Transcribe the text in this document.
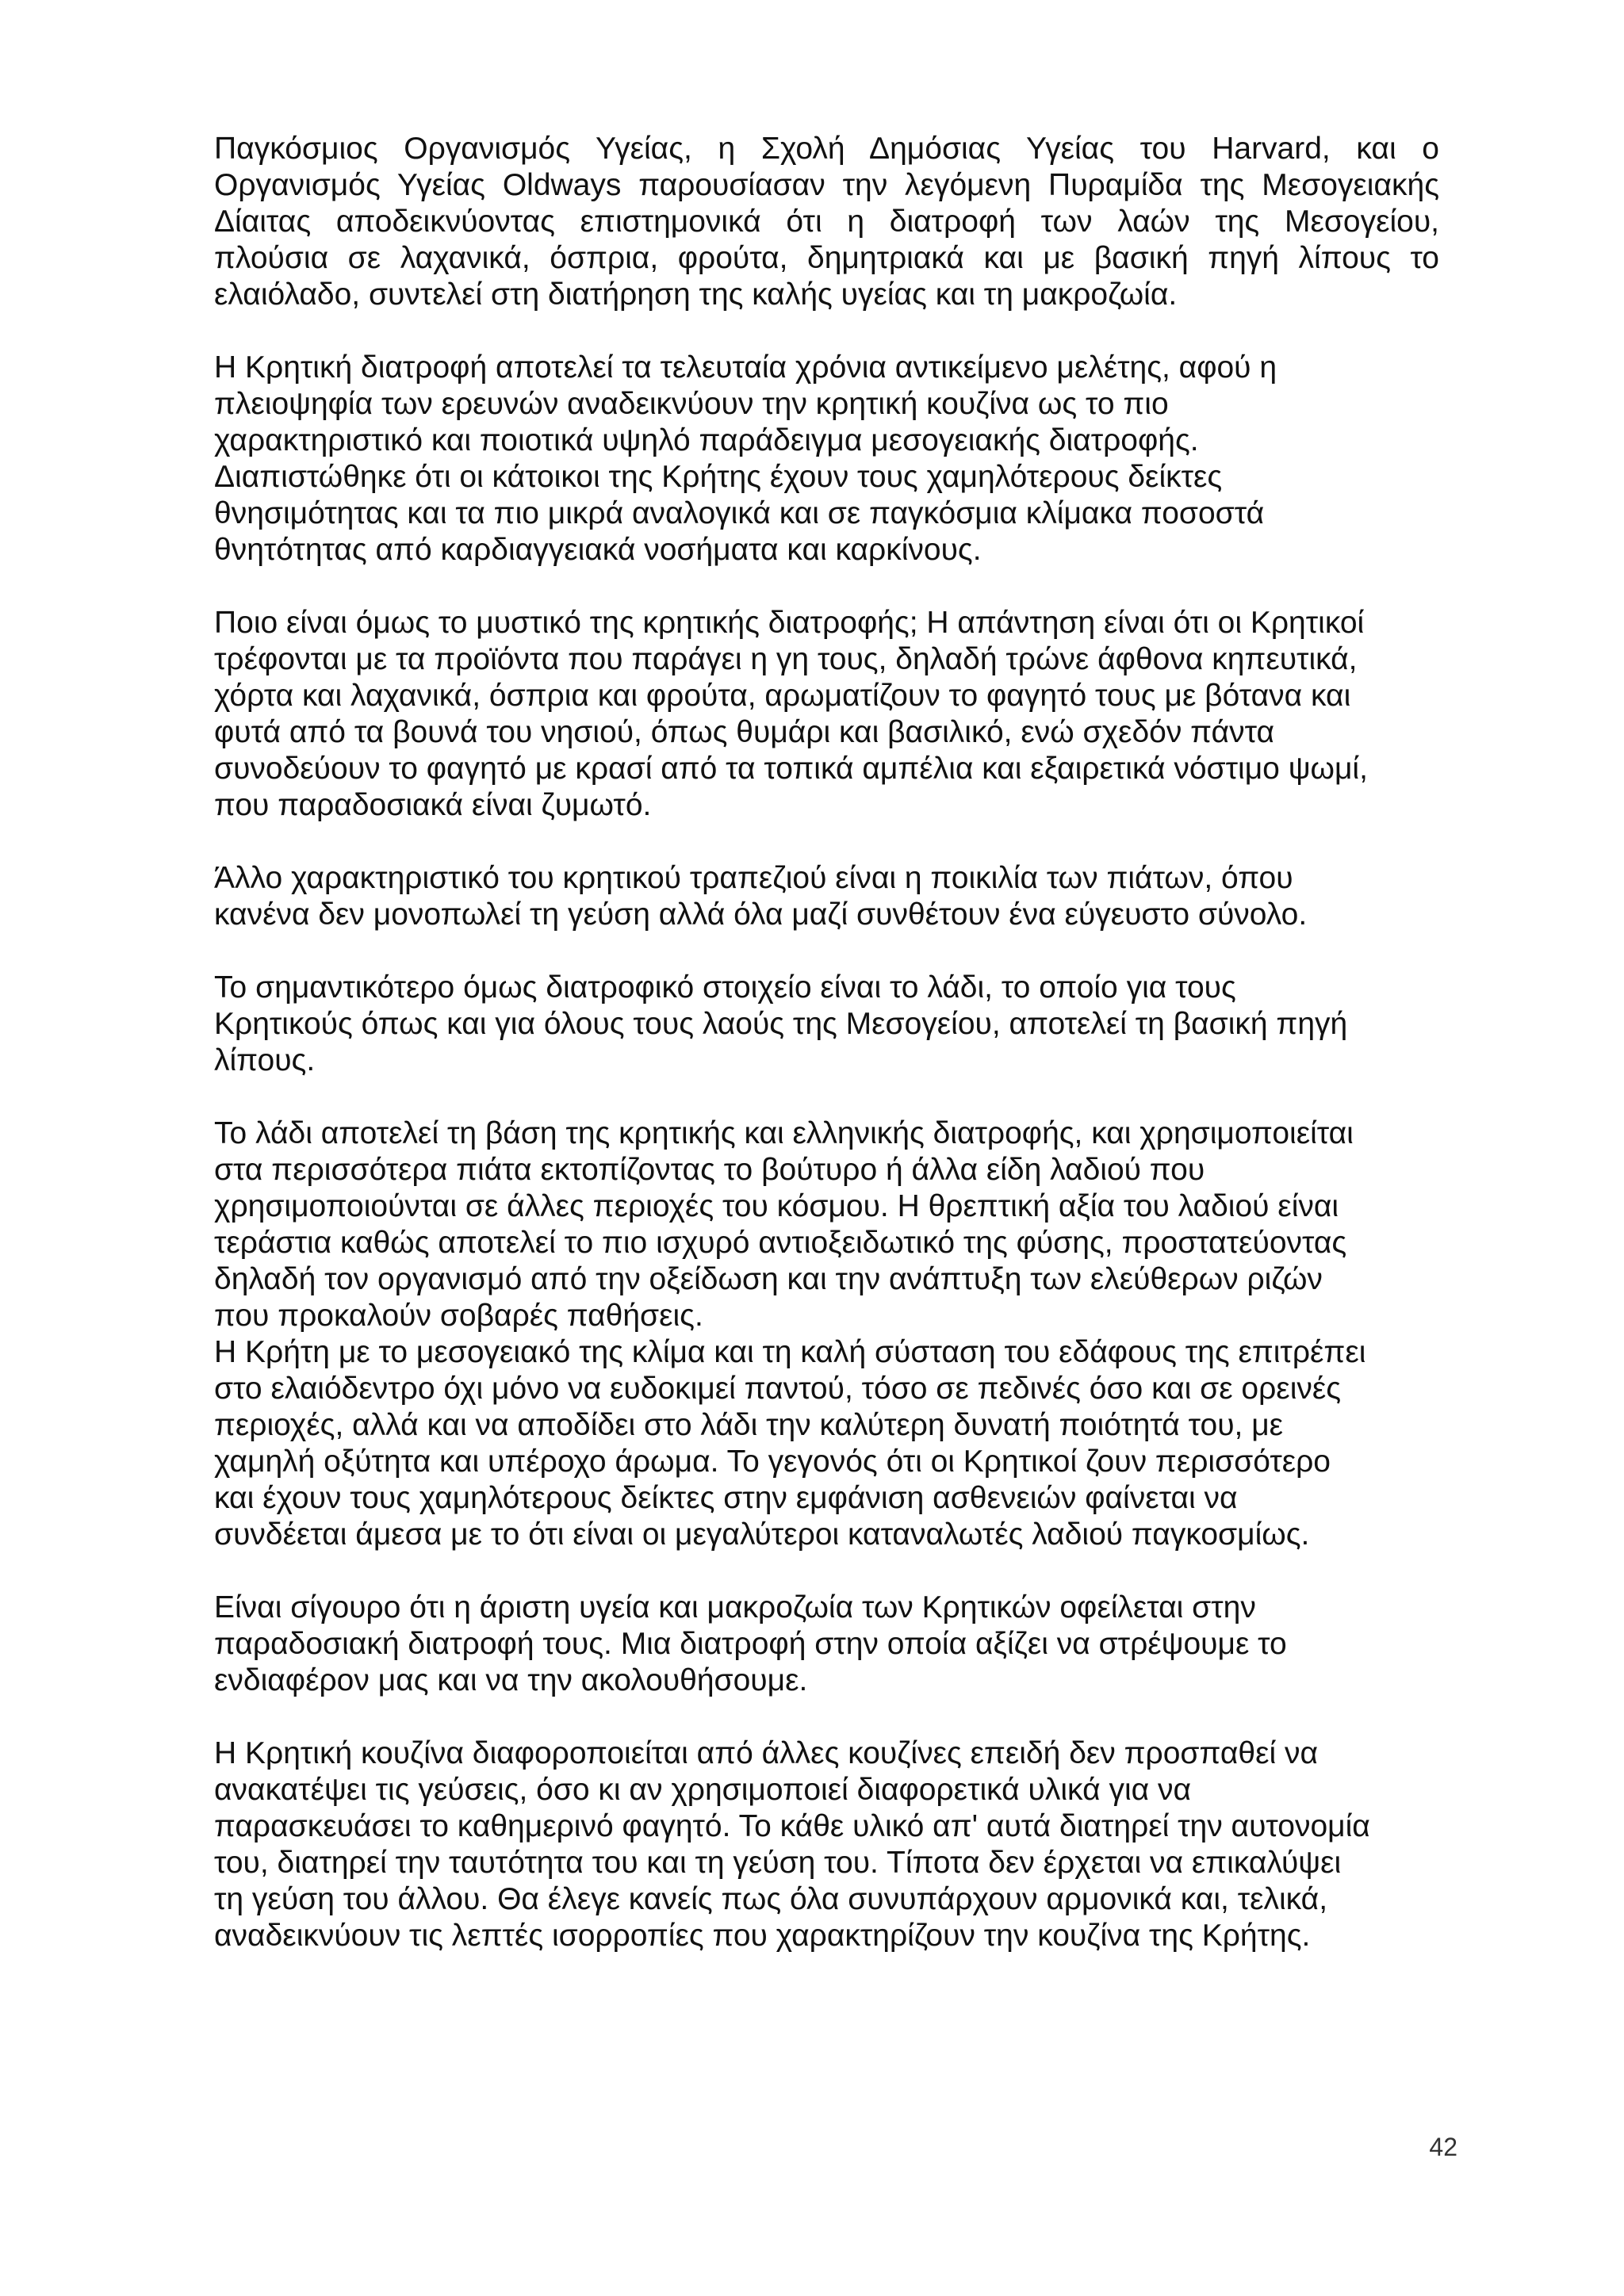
Παγκόσμιος Οργανισμός Υγείας, η Σχολή Δημόσιας Υγείας του Harvard, και ο
Οργανισμός Υγείας Oldways παρουσίασαν την λεγόμενη Πυραμίδα της Μεσογειακής
Δίαιτας αποδεικνύοντας επιστημονικά ότι η διατροφή των λαών της Μεσογείου,
πλούσια σε λαχανικά, όσπρια, φρούτα, δημητριακά και με βασική πηγή λίπους το
ελαιόλαδο, συντελεί στη διατήρηση της καλής υγείας και τη μακροζωία.
Η Κρητική διατροφή αποτελεί τα τελευταία χρόνια αντικείμενο μελέτης, αφού η
πλειοψηφία των ερευνών αναδεικνύουν την κρητική κουζίνα ως το πιο
χαρακτηριστικό και ποιοτικά υψηλό παράδειγμα μεσογειακής διατροφής.
Διαπιστώθηκε ότι οι κάτοικοι της Κρήτης έχουν τους χαμηλότερους δείκτες
θνησιμότητας και τα πιο μικρά αναλογικά και σε παγκόσμια κλίμακα ποσοστά
θνητότητας από καρδιαγγειακά νοσήματα και καρκίνους.
Ποιο είναι όμως το μυστικό της κρητικής διατροφής; Η απάντηση είναι ότι οι Κρητικοί
τρέφονται με τα προϊόντα που παράγει η γη τους, δηλαδή τρώνε άφθονα κηπευτικά,
χόρτα και λαχανικά, όσπρια και φρούτα, αρωματίζουν το φαγητό τους με βότανα και
φυτά από τα βουνά του νησιού, όπως θυμάρι και βασιλικό, ενώ σχεδόν πάντα
συνοδεύουν το φαγητό με κρασί από τα τοπικά αμπέλια και εξαιρετικά νόστιμο ψωμί,
που παραδοσιακά είναι ζυμωτό.
Άλλο χαρακτηριστικό του κρητικού τραπεζιού είναι η ποικιλία των πιάτων, όπου
κανένα δεν μονοπωλεί τη γεύση αλλά όλα μαζί συνθέτουν ένα εύγευστο σύνολο.
Το σημαντικότερο όμως διατροφικό στοιχείο είναι το λάδι, το οποίο για τους
Κρητικούς όπως και για όλους τους λαούς της Μεσογείου, αποτελεί τη βασική πηγή
λίπους.
Το λάδι αποτελεί τη βάση της κρητικής και ελληνικής διατροφής, και χρησιμοποιείται
στα περισσότερα πιάτα εκτοπίζοντας το βούτυρο ή άλλα είδη λαδιού που
χρησιμοποιούνται σε άλλες περιοχές του κόσμου. Η θρεπτική αξία του λαδιού είναι
τεράστια καθώς αποτελεί το πιο ισχυρό αντιοξειδωτικό της φύσης, προστατεύοντας
δηλαδή τον οργανισμό από την οξείδωση και την ανάπτυξη των ελεύθερων ριζών
που προκαλούν σοβαρές παθήσεις.
Η Κρήτη με το μεσογειακό της κλίμα και τη καλή σύσταση του εδάφους της επιτρέπει
στο ελαιόδεντρο όχι μόνο να ευδοκιμεί παντού, τόσο σε πεδινές όσο και σε ορεινές
περιοχές, αλλά και να αποδίδει στο λάδι την καλύτερη δυνατή ποιότητά του, με
χαμηλή οξύτητα και υπέροχο άρωμα. Το γεγονός ότι οι Κρητικοί ζουν περισσότερο
και έχουν τους χαμηλότερους δείκτες στην εμφάνιση ασθενειών φαίνεται να
συνδέεται άμεσα με το ότι είναι οι μεγαλύτεροι καταναλωτές λαδιού παγκοσμίως.
Είναι σίγουρο ότι η άριστη υγεία και μακροζωία των Κρητικών οφείλεται στην
παραδοσιακή διατροφή τους. Μια διατροφή στην οποία αξίζει να στρέψουμε το
ενδιαφέρον μας και να την ακολουθήσουμε.
Η Κρητική κουζίνα διαφοροποιείται από άλλες κουζίνες επειδή δεν προσπαθεί να
ανακατέψει τις γεύσεις, όσο κι αν χρησιμοποιεί διαφορετικά υλικά για να
παρασκευάσει το καθημερινό φαγητό. Το κάθε υλικό απ' αυτά διατηρεί την αυτονομία
του, διατηρεί την ταυτότητα του και τη γεύση του. Τίποτα δεν έρχεται να επικαλύψει
τη γεύση του άλλου. Θα έλεγε κανείς πως όλα συνυπάρχουν αρμονικά και, τελικά,
αναδεικνύουν τις λεπτές ισορροπίες που χαρακτηρίζουν την κουζίνα της Κρήτης.
42
